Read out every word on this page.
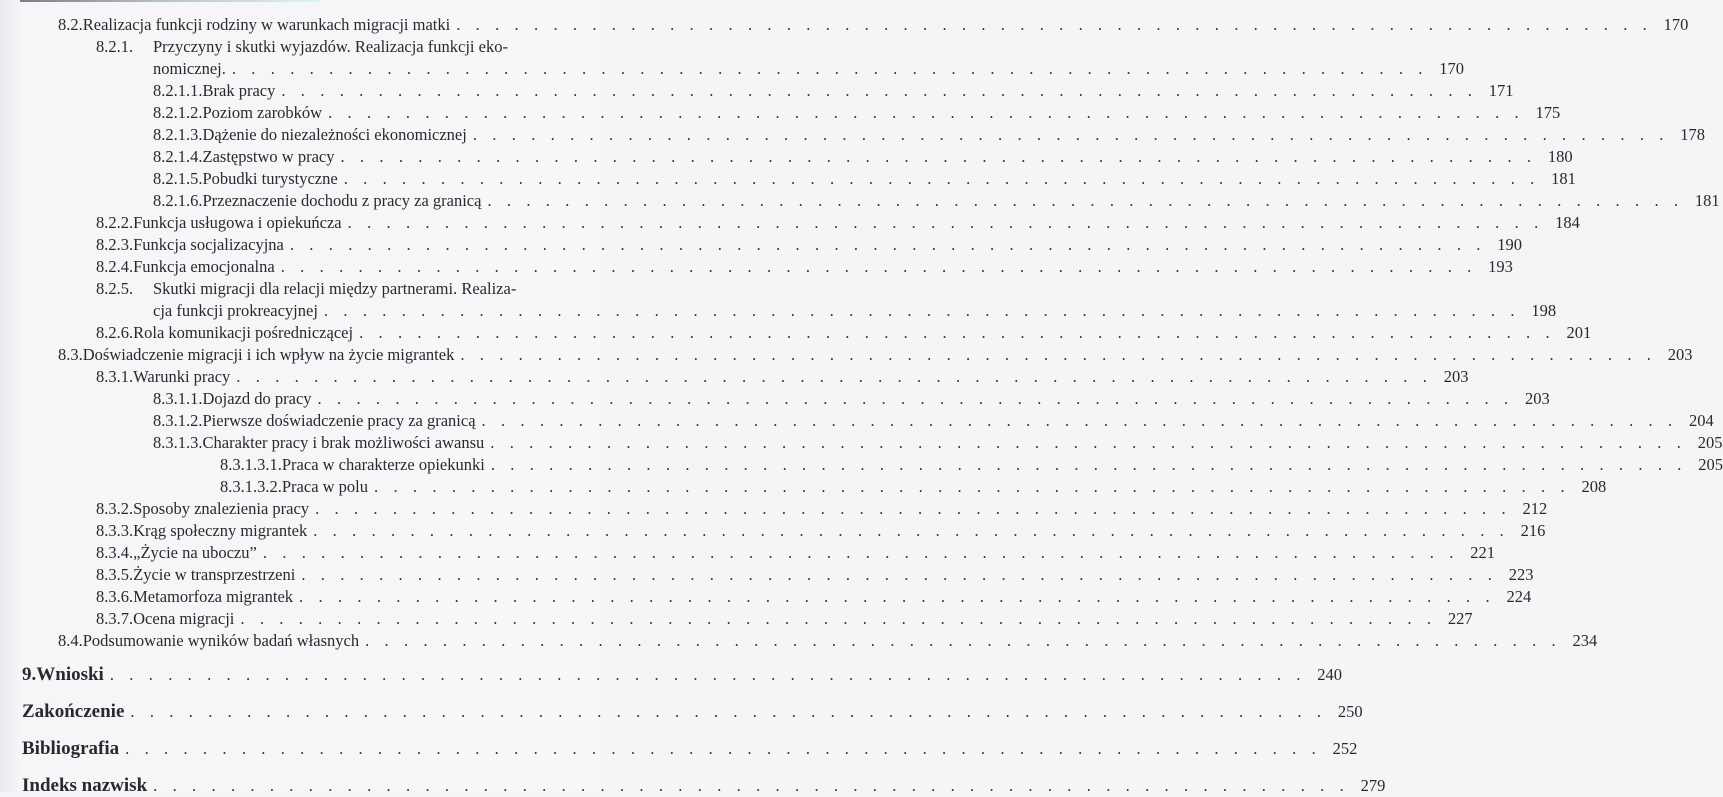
8.2. Realizacja funkcji rodziny w warunkach migracji matki . . . . . . . . . . . . . . . . . . . . . . . . . . . . . . . . . . . . . . . . . . . . . . . . . . . . . . . . . . . . . . 170
8.2.1. Przyczyny i skutki wyjazdów. Realizacja funkcji eko-
nomicznej. . . . . . . . . . . . . . . . . . . . . . . . . . . . . . . . . . . . . . . . . . . . . . . . . . . . . . . . . . . . . . . 170
8.2.1.1. Brak pracy . . . . . . . . . . . . . . . . . . . . . . . . . . . . . . . . . . . . . . . . . . . . . . . . . . . . . . . . . . . . . . 171
8.2.1.2. Poziom zarobków . . . . . . . . . . . . . . . . . . . . . . . . . . . . . . . . . . . . . . . . . . . . . . . . . . . . . . . . . . . . . . 175
8.2.1.3. Dążenie do niezależności ekonomicznej . . . . . . . . . . . . . . . . . . . . . . . . . . . . . . . . . . . . . . . . . . . . . . . . . . . . . . . . . . . . . . 178
8.2.1.4. Zastępstwo w pracy . . . . . . . . . . . . . . . . . . . . . . . . . . . . . . . . . . . . . . . . . . . . . . . . . . . . . . . . . . . . . . 180
8.2.1.5. Pobudki turystyczne . . . . . . . . . . . . . . . . . . . . . . . . . . . . . . . . . . . . . . . . . . . . . . . . . . . . . . . . . . . . . . 181
8.2.1.6. Przeznaczenie dochodu z pracy za granicą . . . . . . . . . . . . . . . . . . . . . . . . . . . . . . . . . . . . . . . . . . . . . . . . . . . . . . . . . . . . . . 181
8.2.2. Funkcja usługowa i opiekuńcza . . . . . . . . . . . . . . . . . . . . . . . . . . . . . . . . . . . . . . . . . . . . . . . . . . . . . . . . . . . . . . 184
8.2.3. Funkcja socjalizacyjna . . . . . . . . . . . . . . . . . . . . . . . . . . . . . . . . . . . . . . . . . . . . . . . . . . . . . . . . . . . . . . 190
8.2.4. Funkcja emocjonalna . . . . . . . . . . . . . . . . . . . . . . . . . . . . . . . . . . . . . . . . . . . . . . . . . . . . . . . . . . . . . . 193
8.2.5. Skutki migracji dla relacji między partnerami. Realiza-
cja funkcji prokreacyjnej . . . . . . . . . . . . . . . . . . . . . . . . . . . . . . . . . . . . . . . . . . . . . . . . . . . . . . . . . . . . . . 198
8.2.6. Rola komunikacji pośredniczącej . . . . . . . . . . . . . . . . . . . . . . . . . . . . . . . . . . . . . . . . . . . . . . . . . . . . . . . . . . . . . . 201
8.3. Doświadczenie migracji i ich wpływ na życie migrantek . . . . . . . . . . . . . . . . . . . . . . . . . . . . . . . . . . . . . . . . . . . . . . . . . . . . . . . . . . . . . . 203
8.3.1. Warunki pracy . . . . . . . . . . . . . . . . . . . . . . . . . . . . . . . . . . . . . . . . . . . . . . . . . . . . . . . . . . . . . . 203
8.3.1.1. Dojazd do pracy . . . . . . . . . . . . . . . . . . . . . . . . . . . . . . . . . . . . . . . . . . . . . . . . . . . . . . . . . . . . . . 203
8.3.1.2. Pierwsze doświadczenie pracy za granicą . . . . . . . . . . . . . . . . . . . . . . . . . . . . . . . . . . . . . . . . . . . . . . . . . . . . . . . . . . . . . . 204
8.3.1.3. Charakter pracy i brak możliwości awansu . . . . . . . . . . . . . . . . . . . . . . . . . . . . . . . . . . . . . . . . . . . . . . . . . . . . . . . . . . . . . . 205
8.3.1.3.1. Praca w charakterze opiekunki . . . . . . . . . . . . . . . . . . . . . . . . . . . . . . . . . . . . . . . . . . . . . . . . . . . . . . . . . . . . . . 205
8.3.1.3.2. Praca w polu . . . . . . . . . . . . . . . . . . . . . . . . . . . . . . . . . . . . . . . . . . . . . . . . . . . . . . . . . . . . . . 208
8.3.2. Sposoby znalezienia pracy . . . . . . . . . . . . . . . . . . . . . . . . . . . . . . . . . . . . . . . . . . . . . . . . . . . . . . . . . . . . . . 212
8.3.3. Krąg społeczny migrantek . . . . . . . . . . . . . . . . . . . . . . . . . . . . . . . . . . . . . . . . . . . . . . . . . . . . . . . . . . . . . . 216
8.3.4. „Życie na uboczu” . . . . . . . . . . . . . . . . . . . . . . . . . . . . . . . . . . . . . . . . . . . . . . . . . . . . . . . . . . . . . . 221
8.3.5. Życie w transprzestrzeni . . . . . . . . . . . . . . . . . . . . . . . . . . . . . . . . . . . . . . . . . . . . . . . . . . . . . . . . . . . . . . 223
8.3.6. Metamorfoza migrantek . . . . . . . . . . . . . . . . . . . . . . . . . . . . . . . . . . . . . . . . . . . . . . . . . . . . . . . . . . . . . . 224
8.3.7. Ocena migracji . . . . . . . . . . . . . . . . . . . . . . . . . . . . . . . . . . . . . . . . . . . . . . . . . . . . . . . . . . . . . . 227
8.4. Podsumowanie wyników badań własnych . . . . . . . . . . . . . . . . . . . . . . . . . . . . . . . . . . . . . . . . . . . . . . . . . . . . . . . . . . . . . . 234
9. Wnioski . . . . . . . . . . . . . . . . . . . . . . . . . . . . . . . . . . . . . . . . . . . . . . . . . . . . . . . . . . . . . . 240
Zakończenie . . . . . . . . . . . . . . . . . . . . . . . . . . . . . . . . . . . . . . . . . . . . . . . . . . . . . . . . . . . . . . 250
Bibliografia . . . . . . . . . . . . . . . . . . . . . . . . . . . . . . . . . . . . . . . . . . . . . . . . . . . . . . . . . . . . . . 252
Indeks nazwisk . . . . . . . . . . . . . . . . . . . . . . . . . . . . . . . . . . . . . . . . . . . . . . . . . . . . . . . . . . . . . . 279
